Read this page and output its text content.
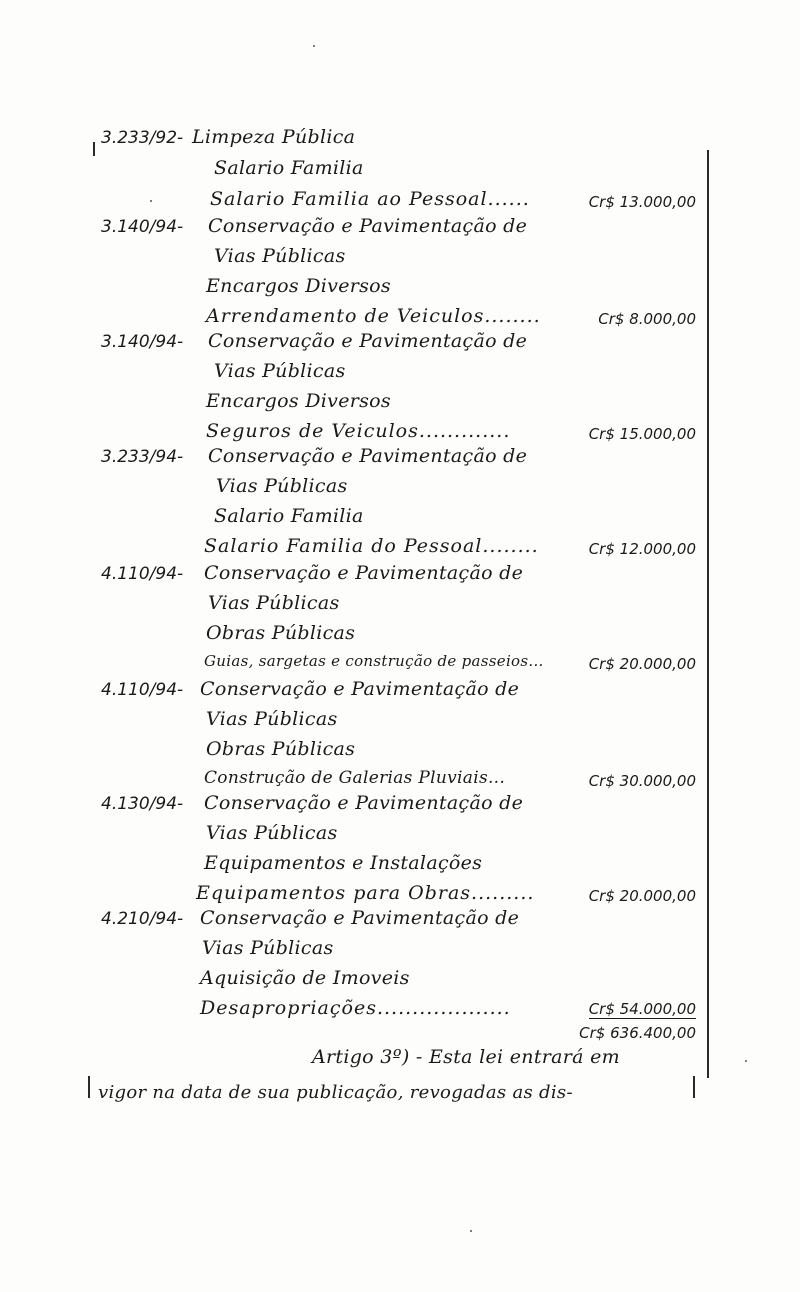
3.233/92- Limpeza Pública
Salario Familia
Salario Familia ao Pessoal......	Cr$ 13.000,00
3.140/94- Conservação e Pavimentação de
Vias Públicas
Encargos Diversos
Arrendamento de Veiculos........	Cr$ 8.000,00
3.140/94- Conservação e Pavimentação de
Vias Públicas
Encargos Diversos
Seguros de Veiculos.............	Cr$ 15.000,00
3.233/94- Conservação e Pavimentação de
Vias Públicas
Salario Familia
Salario Familia do Pessoal........	Cr$ 12.000,00
4.110/94- Conservação e Pavimentação de
Vias Públicas
Obras Públicas
Guias, sargetas e construção de passeios...	Cr$ 20.000,00
4.110/94- Conservação e Pavimentação de
Vias Públicas
Obras Públicas
Construção de Galerias Pluviais...	Cr$ 30.000,00
4.130/94- Conservação e Pavimentação de
Vias Públicas
Equipamentos e Instalações
Equipamentos para Obras.........	Cr$ 20.000,00
4.210/94- Conservação e Pavimentação de
Vias Públicas
Aquisição de Imoveis
Desapropriações...................	Cr$ 54.000,00
Cr$ 636.400,00
Artigo 3º) - Esta lei entrará em
vigor na data de sua publicação, revogadas as dis-
